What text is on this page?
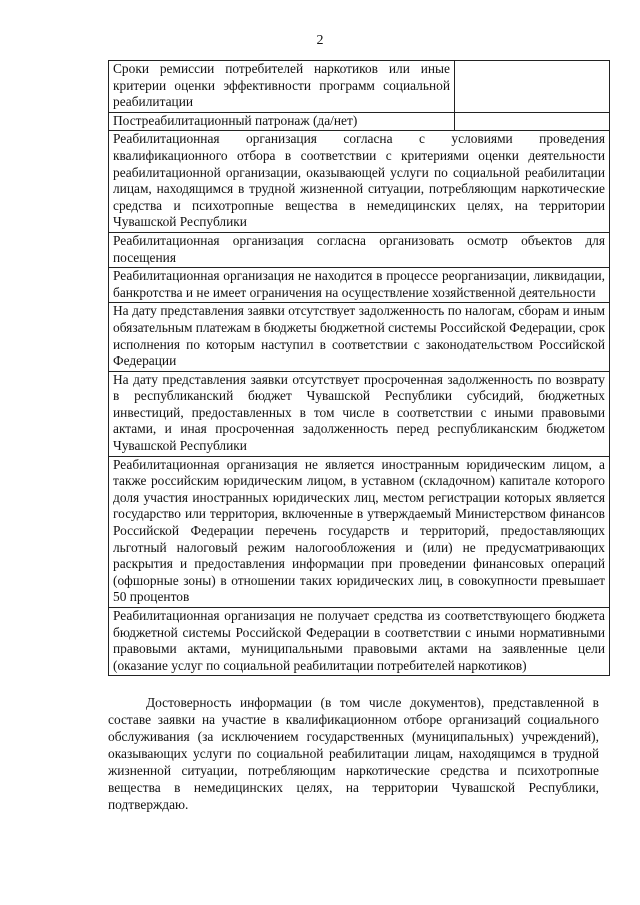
2
Сроки ремиссии потребителей наркотиков или иные критерии оценки эффективности программ социальной реабилитации	
Постреабилитационный патронаж (да/нет)	
Реабилитационная организация согласна с условиями проведения квалификационного отбора в соответствии с критериями оценки деятельности реабилитационной организации, оказывающей услуги по социальной реабилитации лицам, находящимся в трудной жизненной ситуации, потребляющим наркотические средства и психотропные вещества в немедицинских целях, на территории Чувашской Республики	
Реабилитационная организация согласна организовать осмотр объектов для посещения	
Реабилитационная организация не находится в процессе реорганизации, ликвидации, банкротства и не имеет ограничения на осуществление хозяйственной деятельности	
На дату представления заявки отсутствует задолженность по налогам, сборам и иным обязательным платежам в бюджеты бюджетной системы Российской Федерации, срок исполнения по которым наступил в соответствии с законодательством Российской Федерации	
На дату представления заявки отсутствует просроченная задолженность по возврату в республиканский бюджет Чувашской Республики субсидий, бюджетных инвестиций, предоставленных в том числе в соответствии с иными правовыми актами, и иная просроченная задолженность перед республиканским бюджетом Чувашской Республики	
Реабилитационная организация не является иностранным юридическим лицом, а также российским юридическим лицом, в уставном (складочном) капитале которого доля участия иностранных юридических лиц, местом регистрации которых является государство или территория, включенные в утверждаемый Министерством финансов Российской Федерации перечень государств и территорий, предоставляющих льготный налоговый режим налогообложения и (или) не предусматривающих раскрытия и предоставления информации при проведении финансовых операций (офшорные зоны) в отношении таких юридических лиц, в совокупности превышает 50 процентов	
Реабилитационная организация не получает средства из соответствующего бюджета бюджетной системы Российской Федерации в соответствии с иными нормативными правовыми актами, муниципальными правовыми актами на заявленные цели (оказание услуг по социальной реабилитации потребителей наркотиков)	

Достоверность информации (в том числе документов), представленной в составе заявки на участие в квалификационном отборе организаций социального обслуживания (за исключением государственных (муниципальных) учреждений), оказывающих услуги по социальной реабилитации лицам, находящимся в трудной жизненной ситуации, потребляющим наркотические средства и психотропные вещества в немедицинских целях, на территории Чувашской Республики, подтверждаю.
